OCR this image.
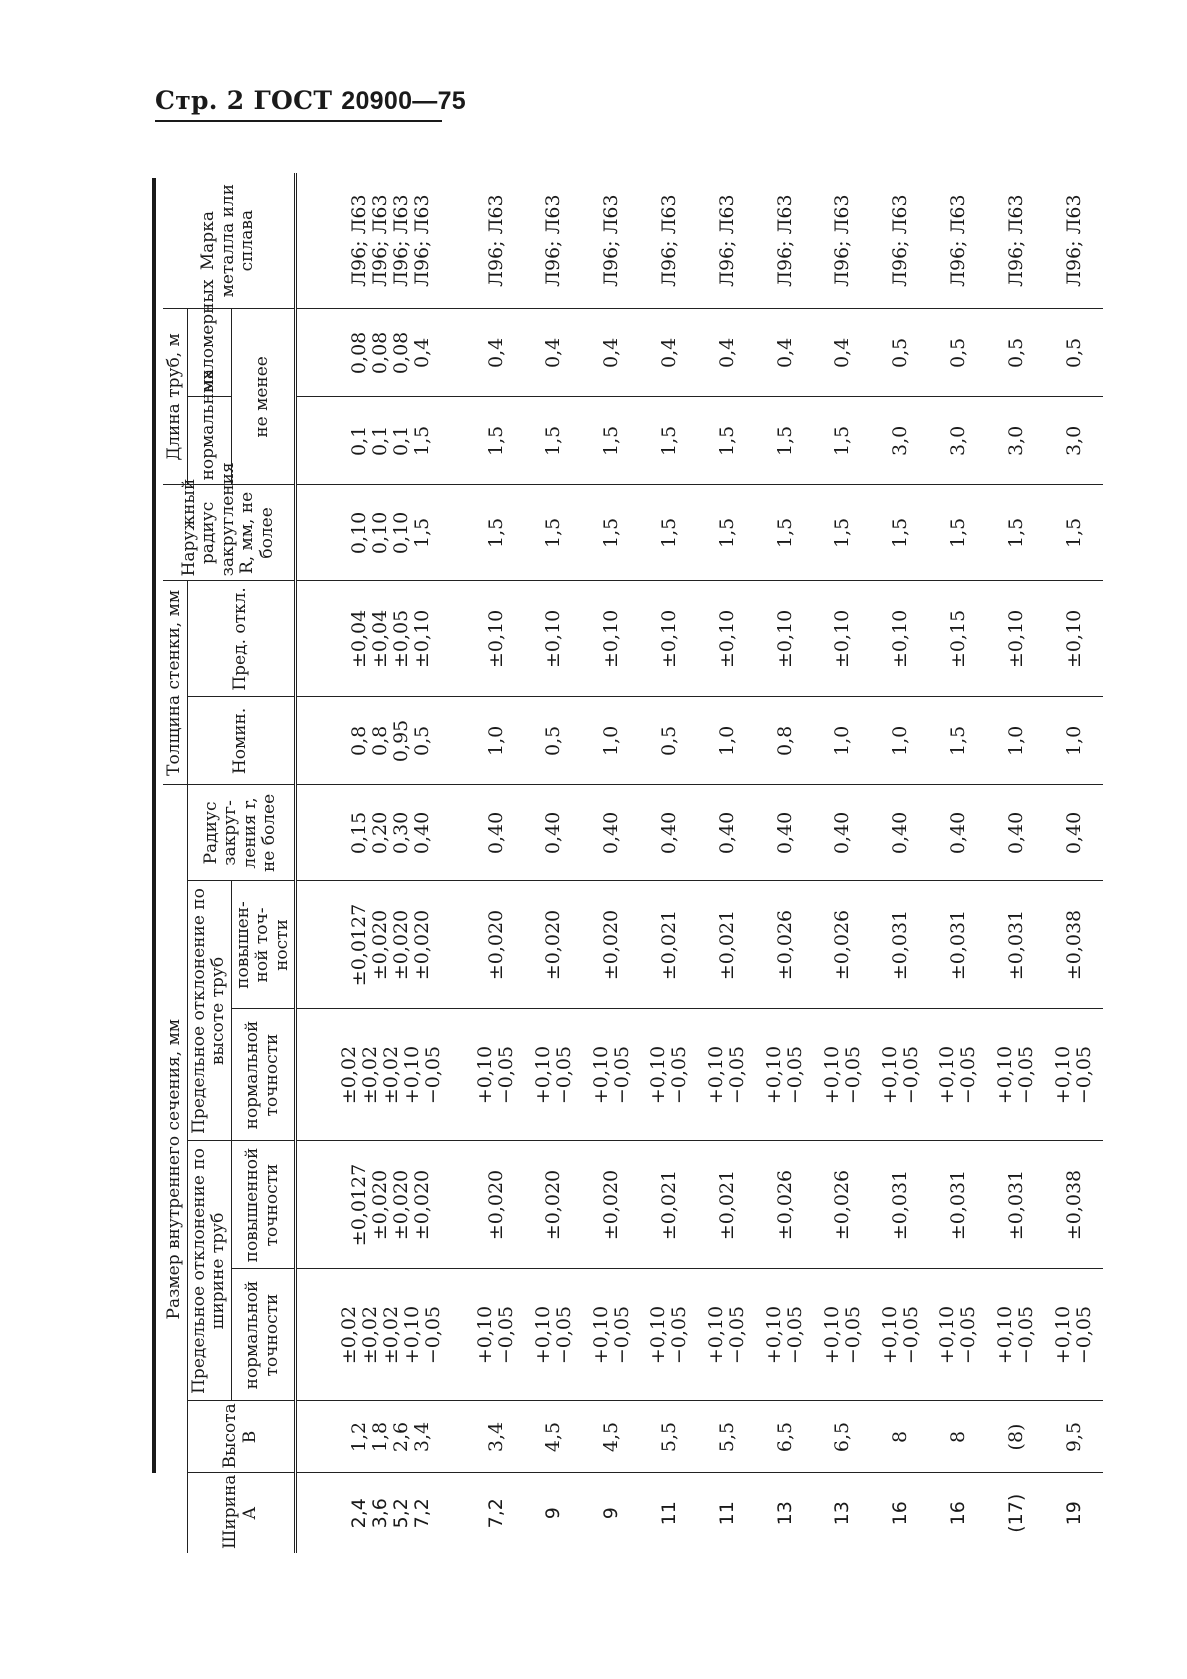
Стр. 2 ГОСТ 20900—75
Размер внутреннего сечения, мм							Толщина стенки, мм		Наружный радиус закругления R, мм, не более	Длина труб, м		Марка металла или сплава
Ширина A	Высота B	Предельное отклонение по ширине труб		Предельное отклонение по высоте труб		Радиус закруг-ления r, не более	Номин.	Пред. откл.		нормальных	маломерных	
		нормальной точности	повышенной точности	нормальной точности	повышен-ной точ-ности					не менее		

2,4 3,6 5,2 7,2	1,2 1,8 2,6 3,4	±0,02 ±0,02 ±0,02 +0,10 −0,05	±0,0127 ±0,020 ±0,020 ±0,020	±0,02 ±0,02 ±0,02 +0,10 −0,05	±0,0127 ±0,020 ±0,020 ±0,020	0,15 0,20 0,30 0,40	0,8 0,8 0,95 0,5	±0,04 ±0,04 ±0,05 ±0,10	0,10 0,10 0,10 1,5	0,1 0,1 0,1 1,5	0,08 0,08 0,08 0,4	Л96; Л63 Л96; Л63 Л96; Л63 Л96; Л63

7,2	3,4	+0,10 −0,05	±0,020	+0,10 −0,05	±0,020	0,40	1,0	±0,10	1,5	1,5	0,4	Л96; Л63

9	4,5	+0,10 −0,05	±0,020	+0,10 −0,05	±0,020	0,40	0,5	±0,10	1,5	1,5	0,4	Л96; Л63

9	4,5	+0,10 −0,05	±0,020	+0,10 −0,05	±0,020	0,40	1,0	±0,10	1,5	1,5	0,4	Л96; Л63

11	5,5	+0,10 −0,05	±0,021	+0,10 −0,05	±0,021	0,40	0,5	±0,10	1,5	1,5	0,4	Л96; Л63

11	5,5	+0,10 −0,05	±0,021	+0,10 −0,05	±0,021	0,40	1,0	±0,10	1,5	1,5	0,4	Л96; Л63

13	6,5	+0,10 −0,05	±0,026	+0,10 −0,05	±0,026	0,40	0,8	±0,10	1,5	1,5	0,4	Л96; Л63

13	6,5	+0,10 −0,05	±0,026	+0,10 −0,05	±0,026	0,40	1,0	±0,10	1,5	1,5	0,4	Л96; Л63

16	8	+0,10 −0,05	±0,031	+0,10 −0,05	±0,031	0,40	1,0	±0,10	1,5	3,0	0,5	Л96; Л63

16	8	+0,10 −0,05	±0,031	+0,10 −0,05	±0,031	0,40	1,5	±0,15	1,5	3,0	0,5	Л96; Л63

(17)	(8)	+0,10 −0,05	±0,031	+0,10 −0,05	±0,031	0,40	1,0	±0,10	1,5	3,0	0,5	Л96; Л63

19	9,5	+0,10 −0,05	±0,038	+0,10 −0,05	±0,038	0,40	1,0	±0,10	1,5	3,0	0,5	Л96; Л63
